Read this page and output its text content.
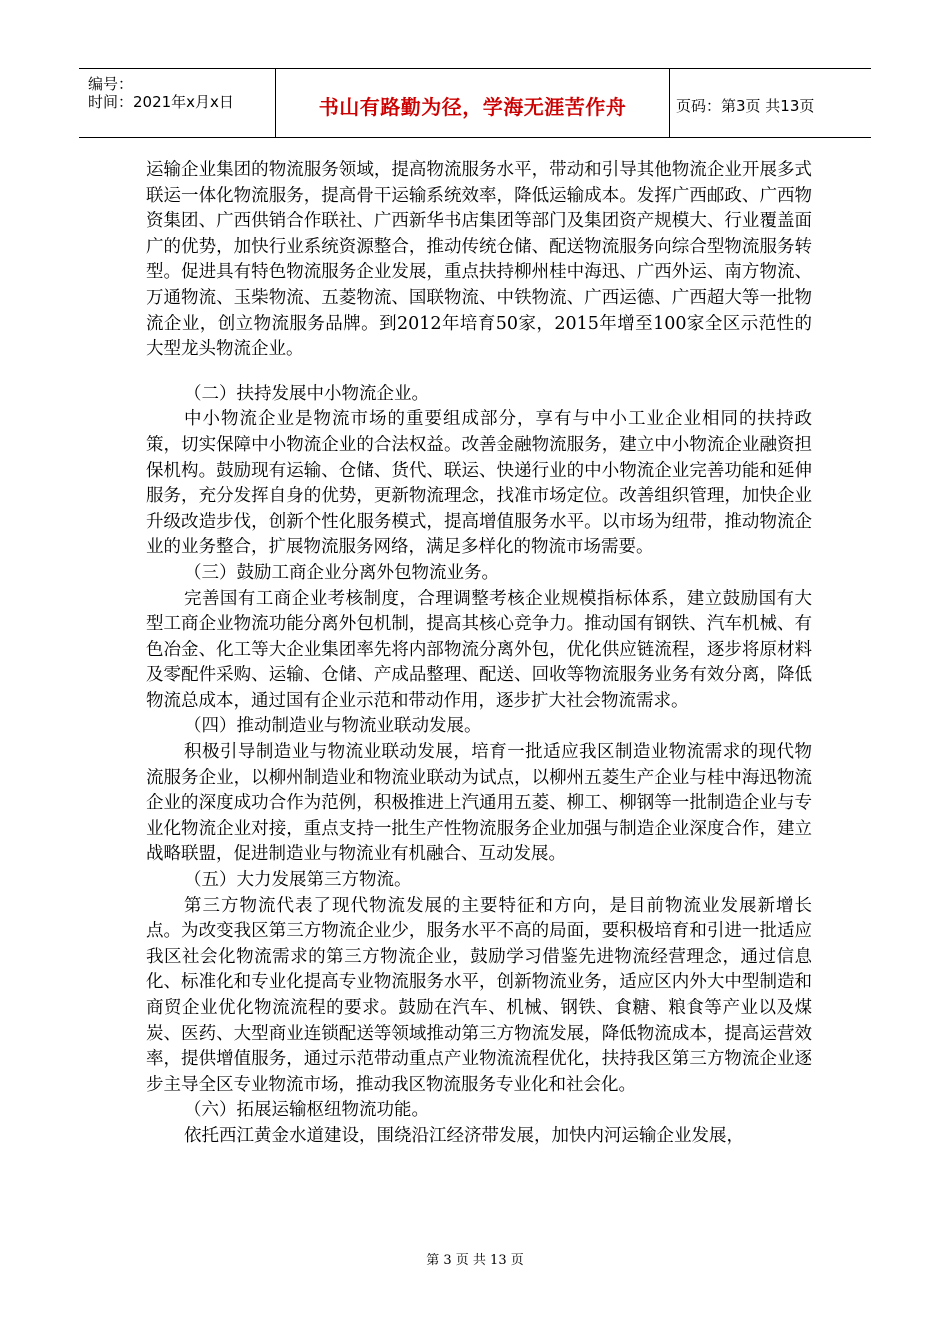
编号：
时间：2021年x月x日	书山有路勤为径，学海无涯苦作舟	页码：第3页 共13页

运输企业集团的物流服务领域，提高物流服务水平，带动和引导其他物流企业开展多式联运一体化物流服务，提高骨干运输系统效率，降低运输成本。发挥广西邮政、广西物资集团、广西供销合作联社、广西新华书店集团等部门及集团资产规模大、行业覆盖面广的优势，加快行业系统资源整合，推动传统仓储、配送物流服务向综合型物流服务转型。促进具有特色物流服务企业发展，重点扶持柳州桂中海迅、广西外运、南方物流、万通物流、玉柴物流、五菱物流、国联物流、中铁物流、广西运德、广西超大等一批物流企业，创立物流服务品牌。到2012年培育50家，2015年增至100家全区示范性的大型龙头物流企业。

（二）扶持发展中小物流企业。

中小物流企业是物流市场的重要组成部分，享有与中小工业企业相同的扶持政策，切实保障中小物流企业的合法权益。改善金融物流服务，建立中小物流企业融资担保机构。鼓励现有运输、仓储、货代、联运、快递行业的中小物流企业完善功能和延伸服务，充分发挥自身的优势，更新物流理念，找准市场定位。改善组织管理，加快企业升级改造步伐，创新个性化服务模式，提高增值服务水平。以市场为纽带，推动物流企业的业务整合，扩展物流服务网络，满足多样化的物流市场需要。

（三）鼓励工商企业分离外包物流业务。

完善国有工商企业考核制度，合理调整考核企业规模指标体系，建立鼓励国有大型工商企业物流功能分离外包机制，提高其核心竞争力。推动国有钢铁、汽车机械、有色冶金、化工等大企业集团率先将内部物流分离外包，优化供应链流程，逐步将原材料及零配件采购、运输、仓储、产成品整理、配送、回收等物流服务业务有效分离，降低物流总成本，通过国有企业示范和带动作用，逐步扩大社会物流需求。

（四）推动制造业与物流业联动发展。

积极引导制造业与物流业联动发展，培育一批适应我区制造业物流需求的现代物流服务企业，以柳州制造业和物流业联动为试点，以柳州五菱生产企业与桂中海迅物流企业的深度成功合作为范例，积极推进上汽通用五菱、柳工、柳钢等一批制造企业与专业化物流企业对接，重点支持一批生产性物流服务企业加强与制造企业深度合作，建立战略联盟，促进制造业与物流业有机融合、互动发展。

（五）大力发展第三方物流。

第三方物流代表了现代物流发展的主要特征和方向，是目前物流业发展新增长点。为改变我区第三方物流企业少，服务水平不高的局面，要积极培育和引进一批适应我区社会化物流需求的第三方物流企业，鼓励学习借鉴先进物流经营理念，通过信息化、标准化和专业化提高专业物流服务水平，创新物流业务，适应区内外大中型制造和商贸企业优化物流流程的要求。鼓励在汽车、机械、钢铁、食糖、粮食等产业以及煤炭、医药、大型商业连锁配送等领域推动第三方物流发展，降低物流成本，提高运营效率，提供增值服务，通过示范带动重点产业物流流程优化，扶持我区第三方物流企业逐步主导全区专业物流市场，推动我区物流服务专业化和社会化。

（六）拓展运输枢纽物流功能。

依托西江黄金水道建设，围绕沿江经济带发展，加快内河运输企业发展，

第 3 页 共 13 页
